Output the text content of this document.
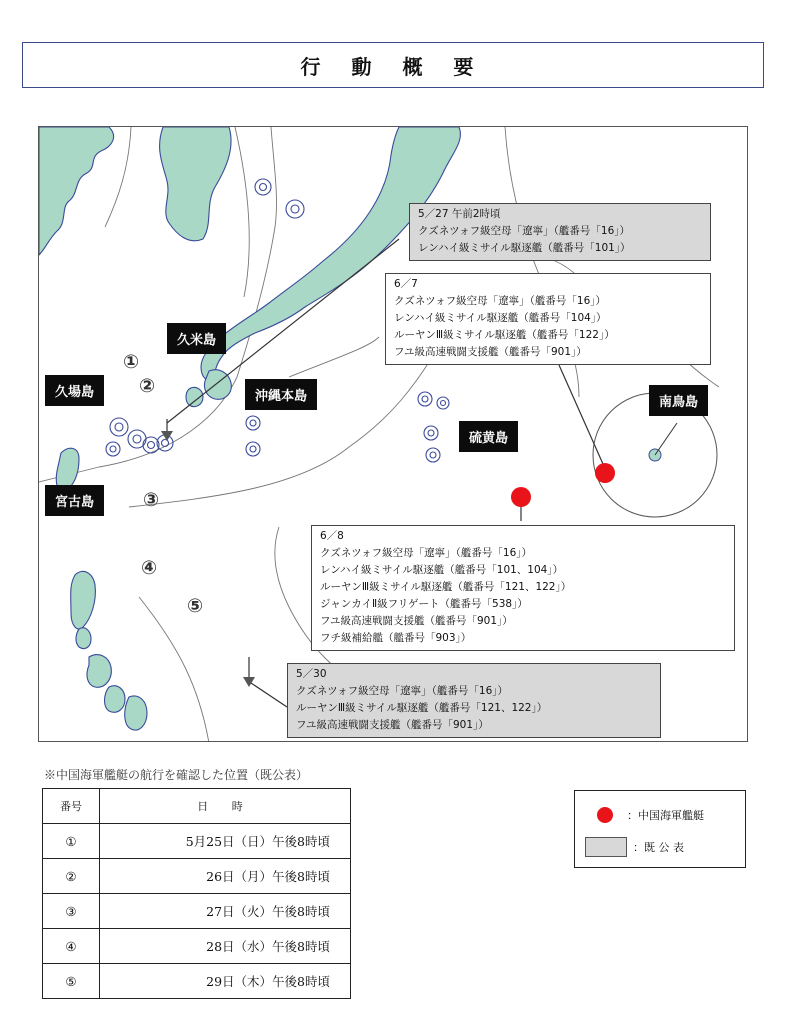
行 動 概 要
久米島
久場島	沖縄本島
宮古島
硫黄島
南鳥島
①
②
③
④
⑤
5／27 午前2時頃
クズネツォフ級空母「遼寧」（艦番号「16」）
レンハイ級ミサイル駆逐艦（艦番号「101」）
6／7
クズネツォフ級空母「遼寧」（艦番号「16」）
レンハイ級ミサイル駆逐艦（艦番号「104」）
ルーヤンⅢ級ミサイル駆逐艦（艦番号「122」）
フユ級高速戦闘支援艦（艦番号「901」）
6／8
クズネツォフ級空母「遼寧」（艦番号「16」）
レンハイ級ミサイル駆逐艦（艦番号「101、104」）
ルーヤンⅢ級ミサイル駆逐艦（艦番号「121、122」）
ジャンカイⅡ級フリゲート（艦番号「538」）
フユ級高速戦闘支援艦（艦番号「901」）
フチ級補給艦（艦番号「903」）
5／30
クズネツォフ級空母「遼寧」（艦番号「16」）
ルーヤンⅢ級ミサイル駆逐艦（艦番号「121、122」）
フユ級高速戦闘支援艦（艦番号「901」）
※中国海軍艦艇の航行を確認した位置（既公表）
番号	日 時
①	5月25日（日）午後8時頃
②	26日（月）午後8時頃
③	27日（火）午後8時頃
④	28日（水）午後8時頃
⑤	29日（木）午後8時頃
：中国海軍艦艇
：既 公 表
